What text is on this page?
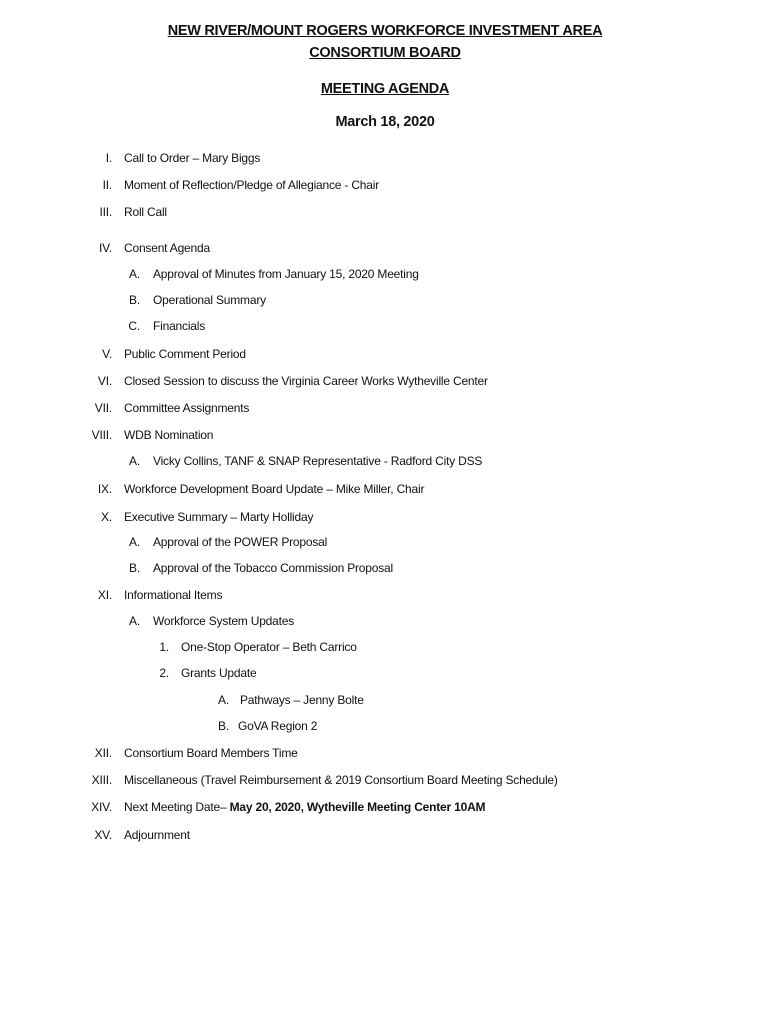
NEW RIVER/MOUNT ROGERS WORKFORCE INVESTMENT AREA
CONSORTIUM BOARD
MEETING AGENDA
March 18, 2020
I. Call to Order – Mary Biggs
II. Moment of Reflection/Pledge of Allegiance - Chair
III. Roll Call
IV. Consent Agenda
A. Approval of Minutes from January 15, 2020 Meeting
B. Operational Summary
C. Financials
V. Public Comment Period
VI. Closed Session to discuss the Virginia Career Works Wytheville Center
VII. Committee Assignments
VIII. WDB Nomination
A. Vicky Collins, TANF & SNAP Representative - Radford City DSS
IX. Workforce Development Board Update – Mike Miller, Chair
X. Executive Summary – Marty Holliday
A. Approval of the POWER Proposal
B. Approval of the Tobacco Commission Proposal
XI. Informational Items
A. Workforce System Updates
1. One-Stop Operator – Beth Carrico
2. Grants Update
A. Pathways – Jenny Bolte
B. GoVA Region 2
XII. Consortium Board Members Time
XIII. Miscellaneous (Travel Reimbursement & 2019 Consortium Board Meeting Schedule)
XIV. Next Meeting Date– May 20, 2020, Wytheville Meeting Center 10AM
XV. Adjournment
